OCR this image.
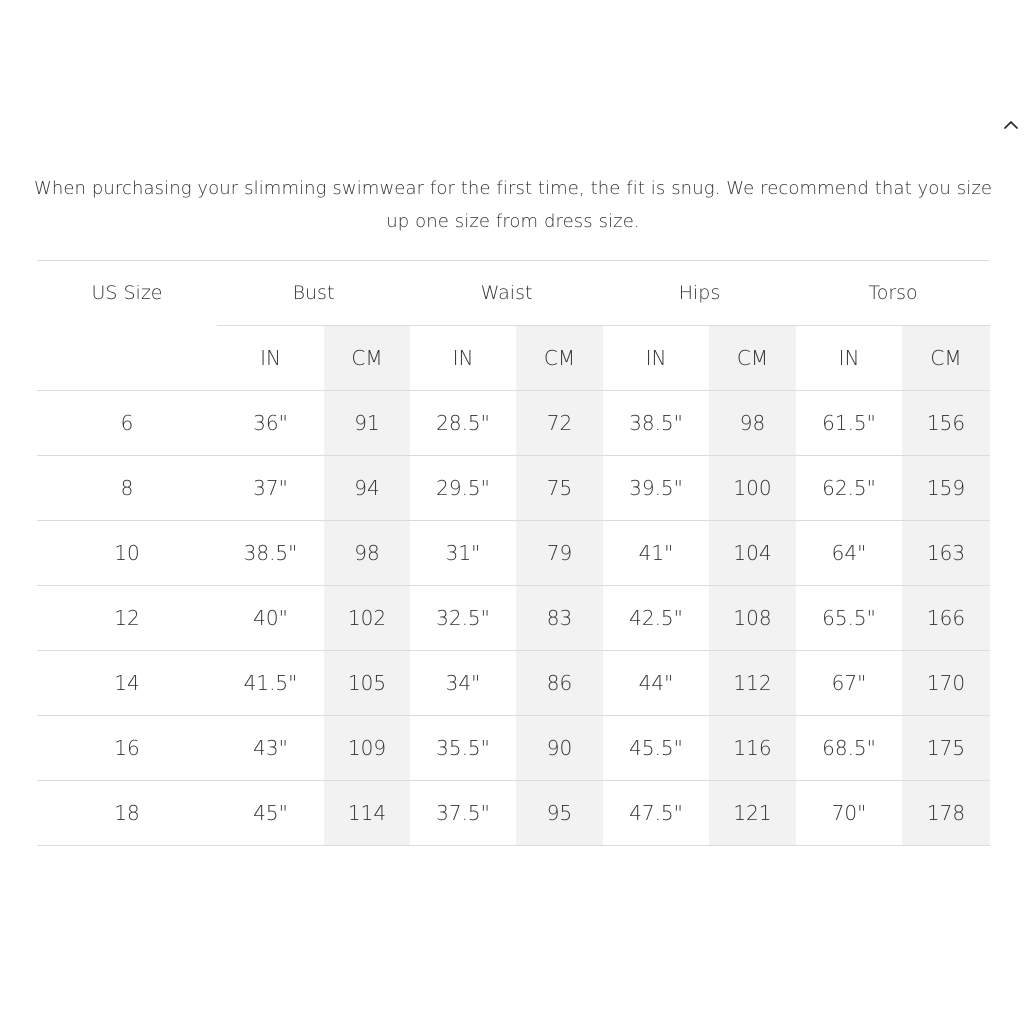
When purchasing your slimming swimwear for the first time, the fit is snug. We recommend that you size up one size from dress size.

US Size	Bust		Waist		Hips		Torso	
	IN	CM	IN	CM	IN	CM	IN	CM
6	36"	91	28.5"	72	38.5"	98	61.5"	156
8	37"	94	29.5"	75	39.5"	100	62.5"	159
10	38.5"	98	31"	79	41"	104	64"	163
12	40"	102	32.5"	83	42.5"	108	65.5"	166
14	41.5"	105	34"	86	44"	112	67"	170
16	43"	109	35.5"	90	45.5"	116	68.5"	175
18	45"	114	37.5"	95	47.5"	121	70"	178
